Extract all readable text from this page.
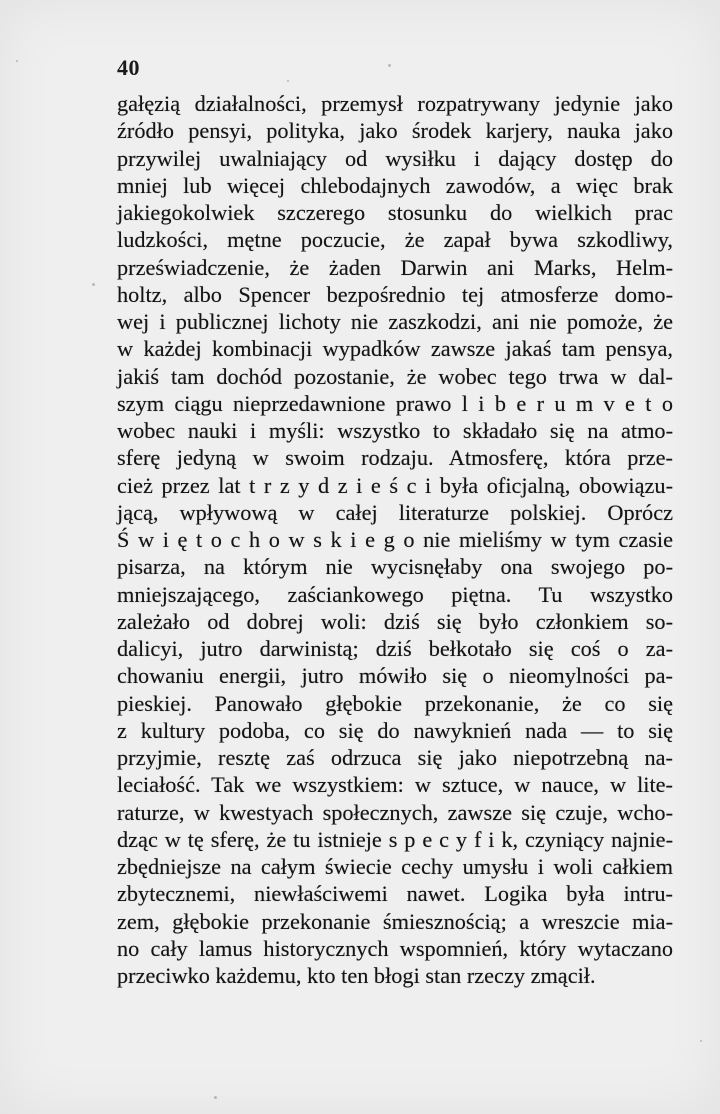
40
gałęzią działalności, przemysł rozpatrywany jedynie jako
źródło pensyi, polityka, jako środek karjery, nauka jako
przywilej uwalniający od wysiłku i dający dostęp do
mniej lub więcej chlebodajnych zawodów, a więc brak
jakiegokolwiek szczerego stosunku do wielkich prac
ludzkości, mętne poczucie, że zapał bywa szkodliwy,
przeświadczenie, że żaden Darwin ani Marks, Helm-
holtz, albo Spencer bezpośrednio tej atmosferze domo-
wej i publicznej lichoty nie zaszkodzi, ani nie pomoże, że
w każdej kombinacji wypadków zawsze jakaś tam pensya,
jakiś tam dochód pozostanie, że wobec tego trwa w dal-
szym ciągu nieprzedawnione prawo l i b e r u m v e t o
wobec nauki i myśli: wszystko to składało się na atmo-
sferę jedyną w swoim rodzaju. Atmosferę, która prze-
cież przez lat t r z y d z i e ś c i była oficjalną, obowiązu-
jącą, wpływową w całej literaturze polskiej. Oprócz
Ś w i ę t o c h o w s k i e g o nie mieliśmy w tym czasie
pisarza, na którym nie wycisnęłaby ona swojego po-
mniejszającego, zaściankowego piętna. Tu wszystko
zależało od dobrej woli: dziś się było członkiem so-
dalicyi, jutro darwinistą; dziś bełkotało się coś o za-
chowaniu energii, jutro mówiło się o nieomylności pa-
pieskiej. Panowało głębokie przekonanie, że co się
z kultury podoba, co się do nawyknień nada — to się
przyjmie, resztę zaś odrzuca się jako niepotrzebną na-
leciałość. Tak we wszystkiem: w sztuce, w nauce, w lite-
raturze, w kwestyach społecznych, zawsze się czuje, wcho-
dząc w tę sferę, że tu istnieje s p e c y f i k, czyniący najnie-
zbędniejsze na całym świecie cechy umysłu i woli całkiem
zbytecznemi, niewłaściwemi nawet. Logika była intru-
zem, głębokie przekonanie śmiesznością; a wreszcie mia-
no cały lamus historycznych wspomnień, który wytaczano
przeciwko każdemu, kto ten błogi stan rzeczy zmącił.
